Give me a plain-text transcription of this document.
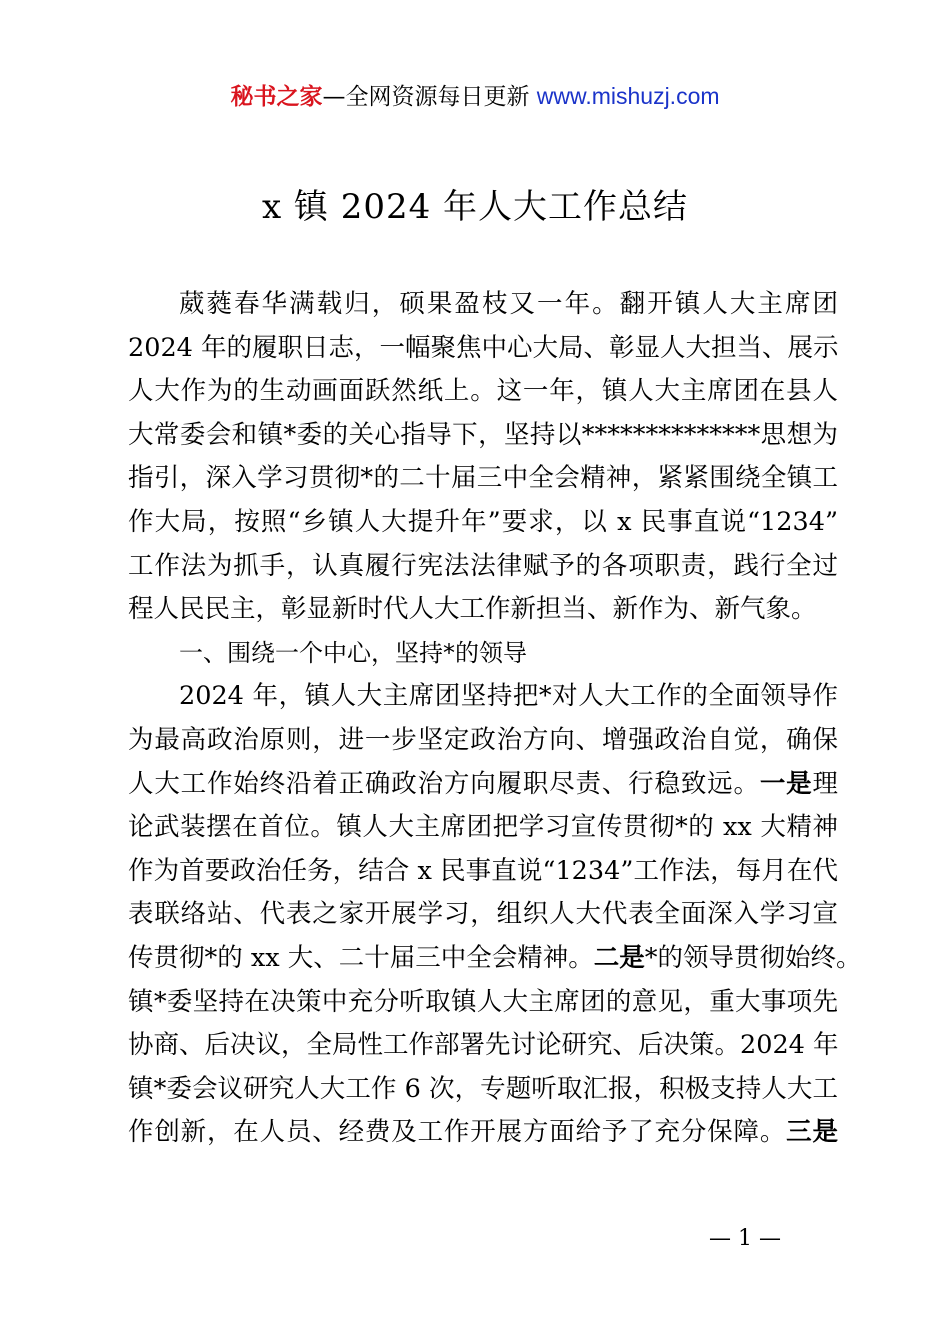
秘书之家—全网资源每日更新 www.mishuzj.com
x 镇 2024 年人大工作总结
葳蕤春华满载归，硕果盈枝又一年。翻开镇人大主席团
2024 年的履职日志，一幅聚焦中心大局、彰显人大担当、展示
人大作为的生动画面跃然纸上。这一年，镇人大主席团在县人
大常委会和镇*委的关心指导下，坚持以**************思想为
指引，深入学习贯彻*的二十届三中全会精神，紧紧围绕全镇工
作大局，按照“乡镇人大提升年”要求，以 x 民事直说“1234”
工作法为抓手，认真履行宪法法律赋予的各项职责，践行全过
程人民民主，彰显新时代人大工作新担当、新作为、新气象。
一、围绕一个中心，坚持*的领导
2024 年，镇人大主席团坚持把*对人大工作的全面领导作
为最高政治原则，进一步坚定政治方向、增强政治自觉，确保
人大工作始终沿着正确政治方向履职尽责、行稳致远。一是理
论武装摆在首位。镇人大主席团把学习宣传贯彻*的 xx 大精神
作为首要政治任务，结合 x 民事直说“1234”工作法，每月在代
表联络站、代表之家开展学习，组织人大代表全面深入学习宣
传贯彻*的 xx 大、二十届三中全会精神。二是*的领导贯彻始终。
镇*委坚持在决策中充分听取镇人大主席团的意见，重大事项先
协商、后决议，全局性工作部署先讨论研究、后决策。2024 年
镇*委会议研究人大工作 6 次，专题听取汇报，积极支持人大工
作创新，在人员、经费及工作开展方面给予了充分保障。三是
— 1 —
